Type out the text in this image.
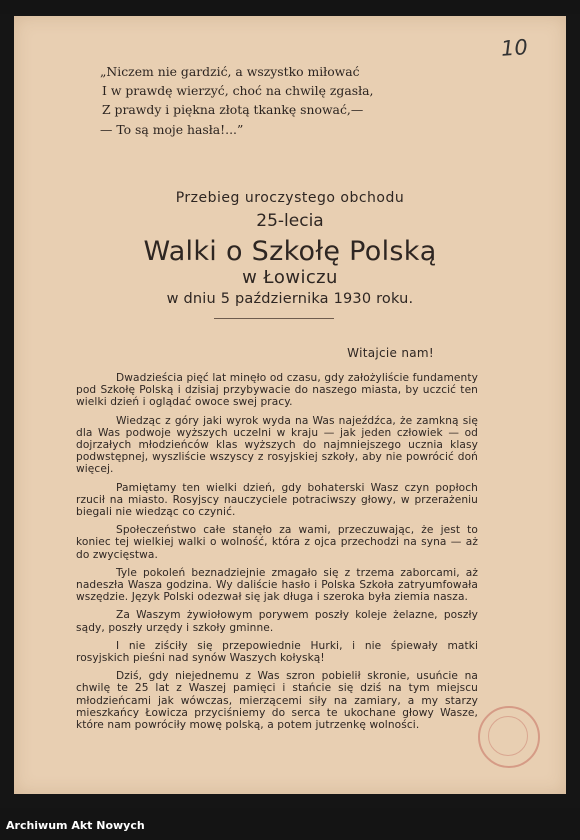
10
„Niczem nie gardzić, a wszystko miłować
I w prawdę wierzyć, choć na chwilę zgasła,
Z prawdy i piękna złotą tkankę snować,—
— To są moje hasła!...”
Przebieg uroczystego obchodu
25-lecia
Walki o Szkołę Polską
w Łowiczu
w dniu 5 października 1930 roku.
Witajcie nam!

Dwadzieścia pięć lat minęło od czasu, gdy założyliście fundamenty pod Szkołę Polską i dzisiaj przybywacie do naszego miasta, by uczcić ten wielki dzień i oglądać owoce swej pracy.

Wiedząc z góry jaki wyrok wyda na Was najeźdźca, że zamkną się dla Was podwoje wyższych uczelni w kraju — jak jeden człowiek — od dojrzałych młodzieńców klas wyższych do najmniejszego ucznia klasy podwstępnej, wyszliście wszyscy z rosyjskiej szkoły, aby nie powrócić doń więcej.

Pamiętamy ten wielki dzień, gdy bohaterski Wasz czyn popłoch rzucił na miasto. Rosyjscy nauczyciele potraciwszy głowy, w przerażeniu biegali nie wiedząc co czynić.

Społeczeństwo całe stanęło za wami, przeczuwając, że jest to koniec tej wielkiej walki o wolność, która z ojca przechodzi na syna — aż do zwycięstwa.

Tyle pokoleń beznadziejnie zmagało się z trzema zaborcami, aż nadeszła Wasza godzina. Wy daliście hasło i Polska Szkoła zatryumfowała wszędzie. Język Polski odezwał się jak długa i szeroka była ziemia nasza.

Za Waszym żywiołowym porywem poszły koleje żelazne, poszły sądy, poszły urzędy i szkoły gminne.

I nie ziściły się przepowiednie Hurki, i nie śpiewały matki rosyjskich pieśni nad synów Waszych kołyską!

Dziś, gdy niejednemu z Was szron pobielił skronie, usuńcie na chwilę te 25 lat z Waszej pamięci i stańcie się dziś na tym miejscu młodzieńcami jak wówczas, mierzącemi siły na zamiary, a my starzy mieszkańcy Łowicza przyciśniemy do serca te ukochane głowy Wasze, które nam powróciły mowę polską, a potem jutrzenkę wolności.

Archiwum Akt Nowych
